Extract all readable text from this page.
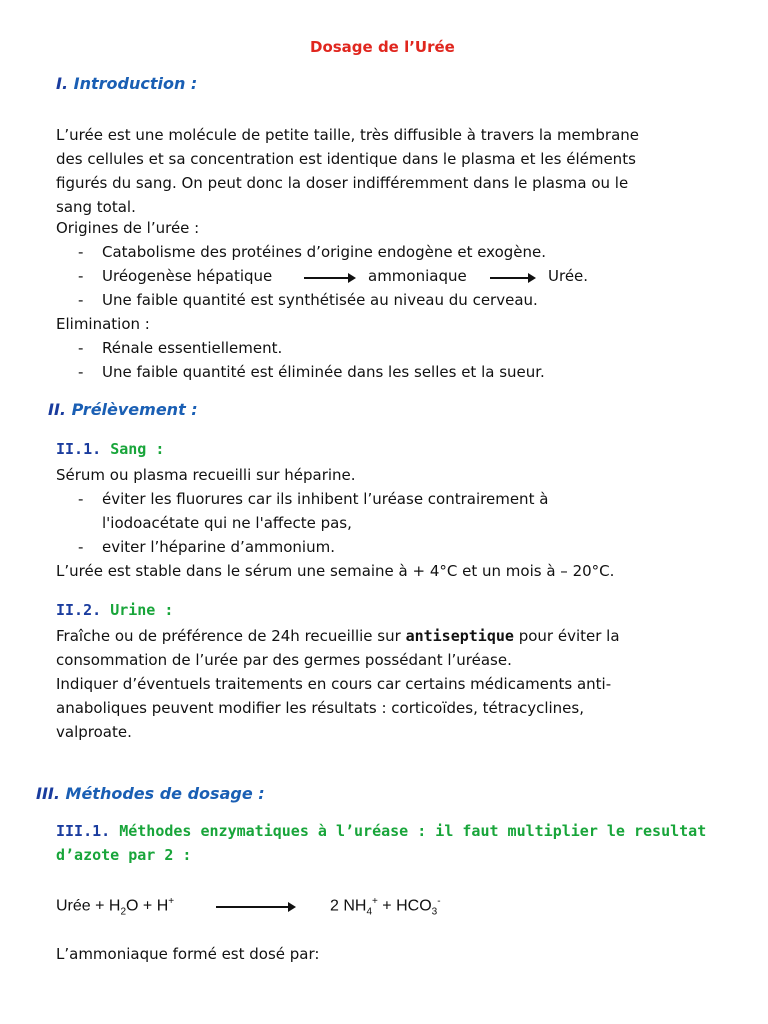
Dosage de l’Urée
I. Introduction :
L’urée est une molécule de petite taille, très diffusible à travers la membrane
des cellules et sa concentration est identique dans le plasma et les éléments
figurés du sang. On peut donc la doser indifféremment dans le plasma ou le
sang total.
Origines de l’urée :
- Catabolisme des protéines d’origine endogène et exogène.
- Uréogenèse hépatique	ammoniaque	Urée.
- Une faible quantité est synthétisée au niveau du cerveau.
Elimination :
- Rénale essentiellement.
- Une faible quantité est éliminée dans les selles et la sueur.
II. Prélèvement :
II.1. Sang :
Sérum ou plasma recueilli sur héparine.
- éviter les fluorures car ils inhibent l’uréase contrairement à
l'iodoacétate qui ne l'affecte pas,
- eviter l’héparine d’ammonium.
L’urée est stable dans le sérum une semaine à + 4°C et un mois à – 20°C.
II.2. Urine :
Fraîche ou de préférence de 24h recueillie sur antiseptique pour éviter la
consommation de l’urée par des germes possédant l’uréase.
Indiquer d’éventuels traitements en cours car certains médicaments anti-
anaboliques peuvent modifier les résultats : corticoïdes, tétracyclines,
valproate.
III. Méthodes de dosage :
III.1. Méthodes enzymatiques à l’uréase : il faut multiplier le resultat
d’azote par 2 :
Urée + $H_2O + H^+$	2 $NH_4^+ + HCO_3^-$
L’ammoniaque formé est dosé par:
